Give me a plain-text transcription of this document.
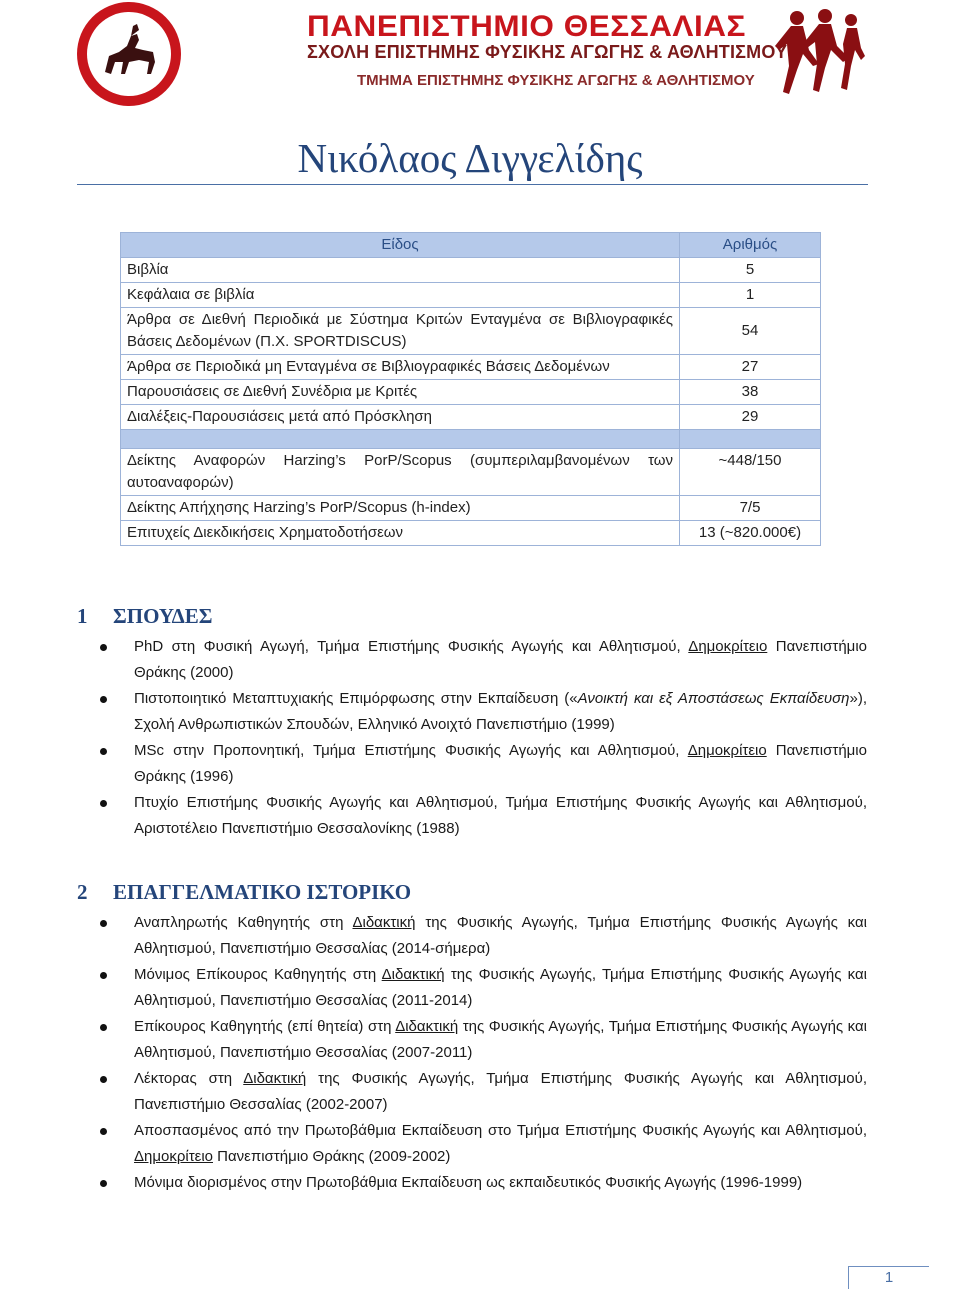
ΠΑΝΕΠΙΣΤΗΜΙΟ ΘΕΣΣΑΛΙΑΣ
ΣΧΟΛΗ ΕΠΙΣΤΗΜΗΣ ΦΥΣΙΚΗΣ ΑΓΩΓΗΣ & ΑΘΛΗΤΙΣΜΟΥ
ΤΜΗΜΑ ΕΠΙΣΤΗΜΗΣ ΦΥΣΙΚΗΣ ΑΓΩΓΗΣ & ΑΘΛΗΤΙΣΜΟΥ
Νικόλαος Διγγελίδης
Είδος	Αριθμός
Βιβλία	5
Κεφάλαια σε βιβλία	1
Άρθρα σε Διεθνή Περιοδικά με Σύστημα Κριτών Ενταγμένα σε Βιβλιογραφικές Βάσεις Δεδομένων (Π.Χ. SPORTDISCUS)	54
Άρθρα σε Περιοδικά μη Ενταγμένα σε Βιβλιογραφικές Βάσεις Δεδομένων	27
Παρουσιάσεις σε Διεθνή Συνέδρια με Κριτές	38
Διαλέξεις-Παρουσιάσεις μετά από Πρόσκληση	29

Δείκτης Αναφορών Harzing’s PorP/Scopus (συμπεριλαμβανομένων των αυτοαναφορών)	~448/150
Δείκτης Απήχησης Harzing’s PorP/Scopus (h-index)	7/5
Επιτυχείς Διεκδικήσεις Χρηματοδοτήσεων	13 (~820.000€)
1 ΣΠΟΥΔΕΣ
PhD στη Φυσική Αγωγή, Τμήμα Επιστήμης Φυσικής Αγωγής και Αθλητισμού, Δημοκρίτειο Πανεπιστήμιο Θράκης (2000)
Πιστοποιητικό Μεταπτυχιακής Επιμόρφωσης στην Εκπαίδευση («Ανοικτή και εξ Αποστάσεως Εκπαίδευση»), Σχολή Ανθρωπιστικών Σπουδών, Ελληνικό Ανοιχτό Πανεπιστήμιο (1999)
MSc στην Προπονητική, Τμήμα Επιστήμης Φυσικής Αγωγής και Αθλητισμού, Δημοκρίτειο Πανεπιστήμιο Θράκης (1996)
Πτυχίο Επιστήμης Φυσικής Αγωγής και Αθλητισμού, Τμήμα Επιστήμης Φυσικής Αγωγής και Αθλητισμού, Αριστοτέλειο Πανεπιστήμιο Θεσσαλονίκης (1988)
2 ΕΠΑΓΓΕΛΜΑΤΙΚΟ ΙΣΤΟΡΙΚΟ
Αναπληρωτής Καθηγητής στη Διδακτική της Φυσικής Αγωγής, Τμήμα Επιστήμης Φυσικής Αγωγής και Αθλητισμού, Πανεπιστήμιο Θεσσαλίας (2014-σήμερα)
Μόνιμος Επίκουρος Καθηγητής στη Διδακτική της Φυσικής Αγωγής, Τμήμα Επιστήμης Φυσικής Αγωγής και Αθλητισμού, Πανεπιστήμιο Θεσσαλίας (2011-2014)
Επίκουρος Καθηγητής (επί θητεία) στη Διδακτική της Φυσικής Αγωγής, Τμήμα Επιστήμης Φυσικής Αγωγής και Αθλητισμού, Πανεπιστήμιο Θεσσαλίας (2007-2011)
Λέκτορας στη Διδακτική της Φυσικής Αγωγής, Τμήμα Επιστήμης Φυσικής Αγωγής και Αθλητισμού, Πανεπιστήμιο Θεσσαλίας (2002-2007)
Αποσπασμένος από την Πρωτοβάθμια Εκπαίδευση στο Τμήμα Επιστήμης Φυσικής Αγωγής και Αθλητισμού, Δημοκρίτειο Πανεπιστήμιο Θράκης (2009-2002)
Μόνιμα διορισμένος στην Πρωτοβάθμια Εκπαίδευση ως εκπαιδευτικός Φυσικής Αγωγής (1996-1999)
1
